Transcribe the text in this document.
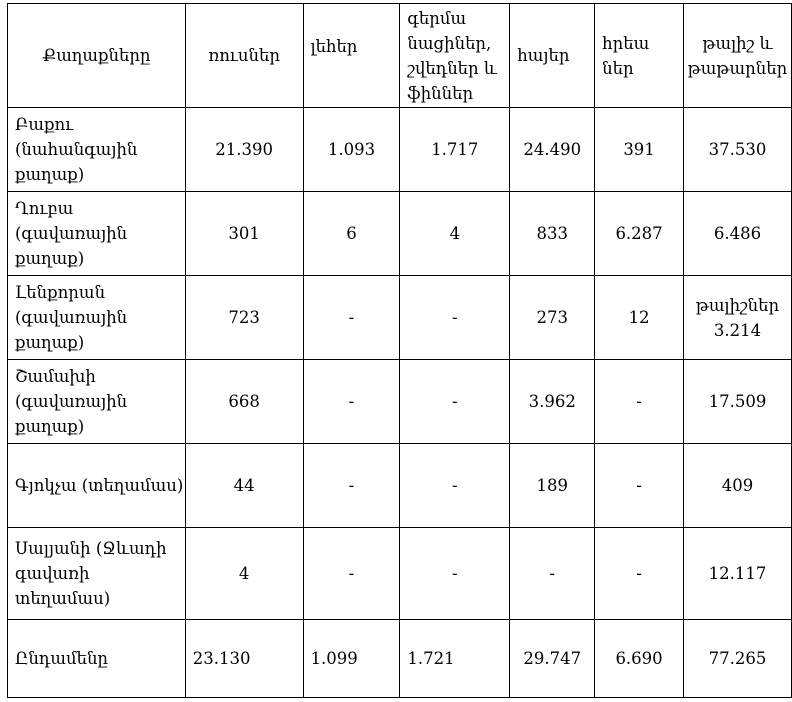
Քաղաքները	ռուսներ	լեհեր	գերմա նացիներ, շվեդներ և ֆիններ	հայեր	հրեա ներ	թալիշ և թաթարներ
Բաքու (նահանգային քաղաք)	21.390	1.093	1.717	24.490	391	37.530
Ղուբա (գավառային քաղաք)	301	6	4	833	6.287	6.486
Լենքորան (գավառային քաղաք)	723	-	-	273	12	թալիշներ 3.214
Շամախի (գավառային քաղաք)	668	-	-	3.962	-	17.509
Գյոկչա (տեղամաս)	44	-	-	189	-	409
Սալյանի (Ջևադի գավառի տեղամաս)	4	-	-	-	-	12.117
Ընդամենը	23.130	1.099	1.721	29.747	6.690	77.265
